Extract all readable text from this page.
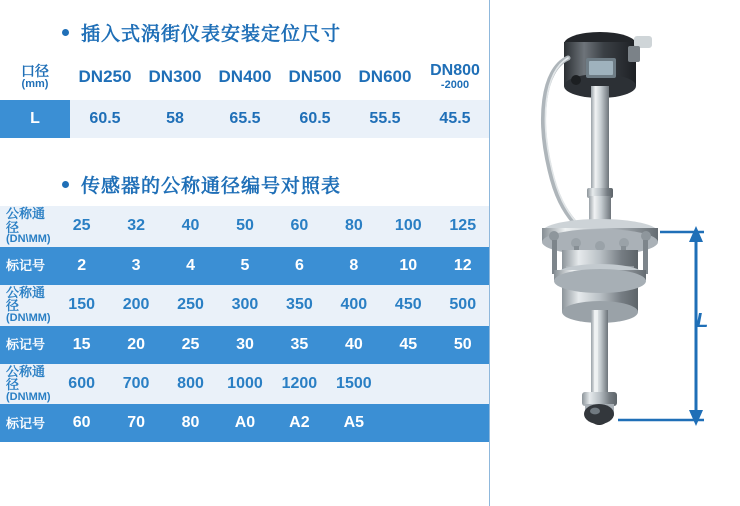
插入式涡街仪表安装定位尺寸
口径
(mm)	DN250	DN300	DN400	DN500	DN600	DN800
-2000

L	60.5	58	65.5	60.5	55.5	45.5
传感器的公称通径编号对照表
公称通径
(DN\MM)	25	32	40	50	60	80	100	125

标记号	2	3	4	5	6	8	10	12

公称通径
(DN\MM)	150	200	250	300	350	400	450	500

标记号	15	20	25	30	35	40	45	50

公称通径
(DN\MM)	600	700	800	1000	1200	1500		

标记号	60	70	80	A0	A2	A5		
L
